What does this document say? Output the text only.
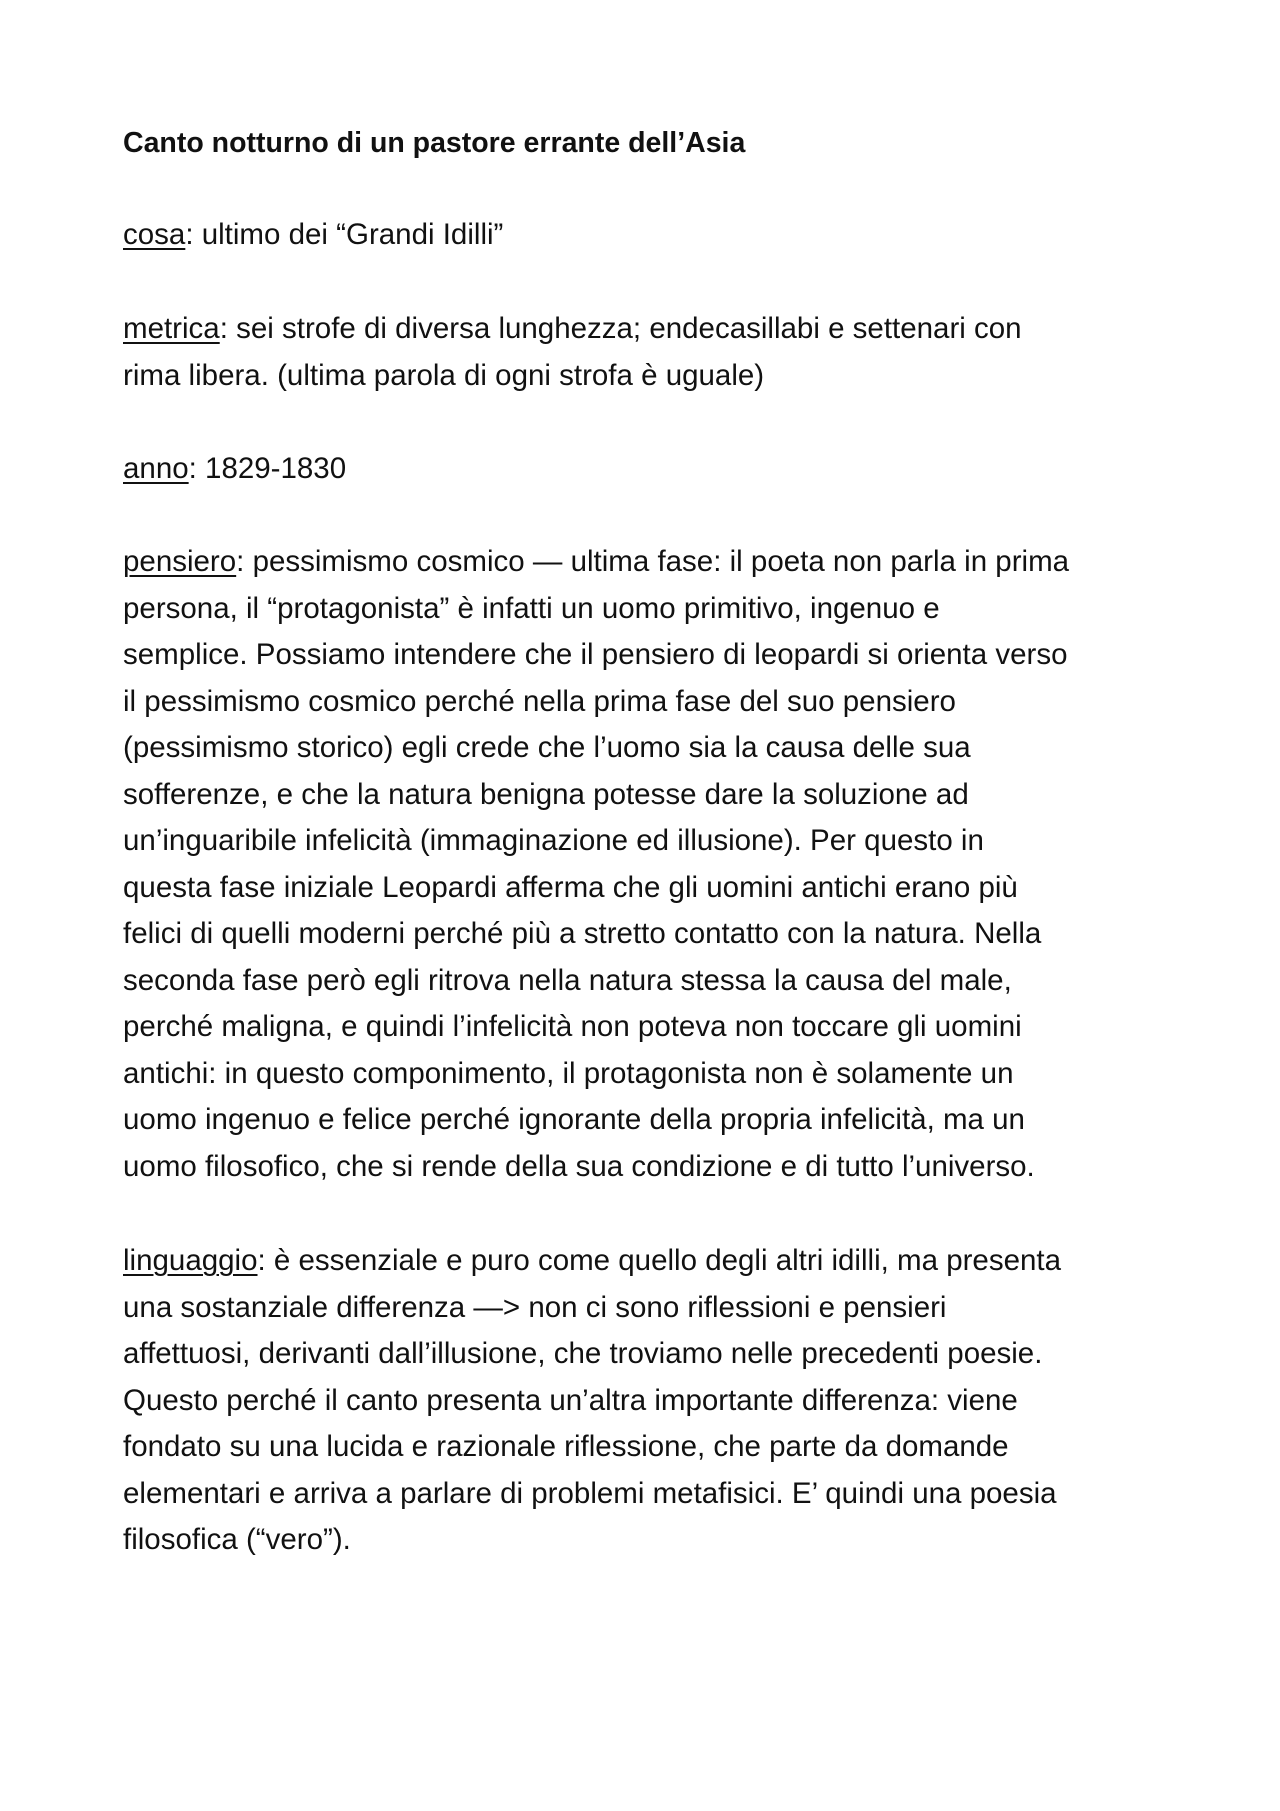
Canto notturno di un pastore errante dell’Asia

cosa: ultimo dei “Grandi Idilli”

metrica: sei strofe di diversa lunghezza; endecasillabi e settenari con
rima libera. (ultima parola di ogni strofa è uguale)

anno: 1829-1830

pensiero: pessimismo cosmico — ultima fase: il poeta non parla in prima
persona, il “protagonista” è infatti un uomo primitivo, ingenuo e
semplice. Possiamo intendere che il pensiero di leopardi si orienta verso
il pessimismo cosmico perché nella prima fase del suo pensiero
(pessimismo storico) egli crede che l’uomo sia la causa delle sua
sofferenze, e che la natura benigna potesse dare la soluzione ad
un’inguaribile infelicità (immaginazione ed illusione). Per questo in
questa fase iniziale Leopardi afferma che gli uomini antichi erano più
felici di quelli moderni perché più a stretto contatto con la natura. Nella
seconda fase però egli ritrova nella natura stessa la causa del male,
perché maligna, e quindi l’infelicità non poteva non toccare gli uomini
antichi: in questo componimento, il protagonista non è solamente un
uomo ingenuo e felice perché ignorante della propria infelicità, ma un
uomo filosofico, che si rende della sua condizione e di tutto l’universo.

linguaggio: è essenziale e puro come quello degli altri idilli, ma presenta
una sostanziale differenza —> non ci sono riflessioni e pensieri
affettuosi, derivanti dall’illusione, che troviamo nelle precedenti poesie.
Questo perché il canto presenta un’altra importante differenza: viene
fondato su una lucida e razionale riflessione, che parte da domande
elementari e arriva a parlare di problemi metafisici. E’ quindi una poesia
filosofica (“vero”).
